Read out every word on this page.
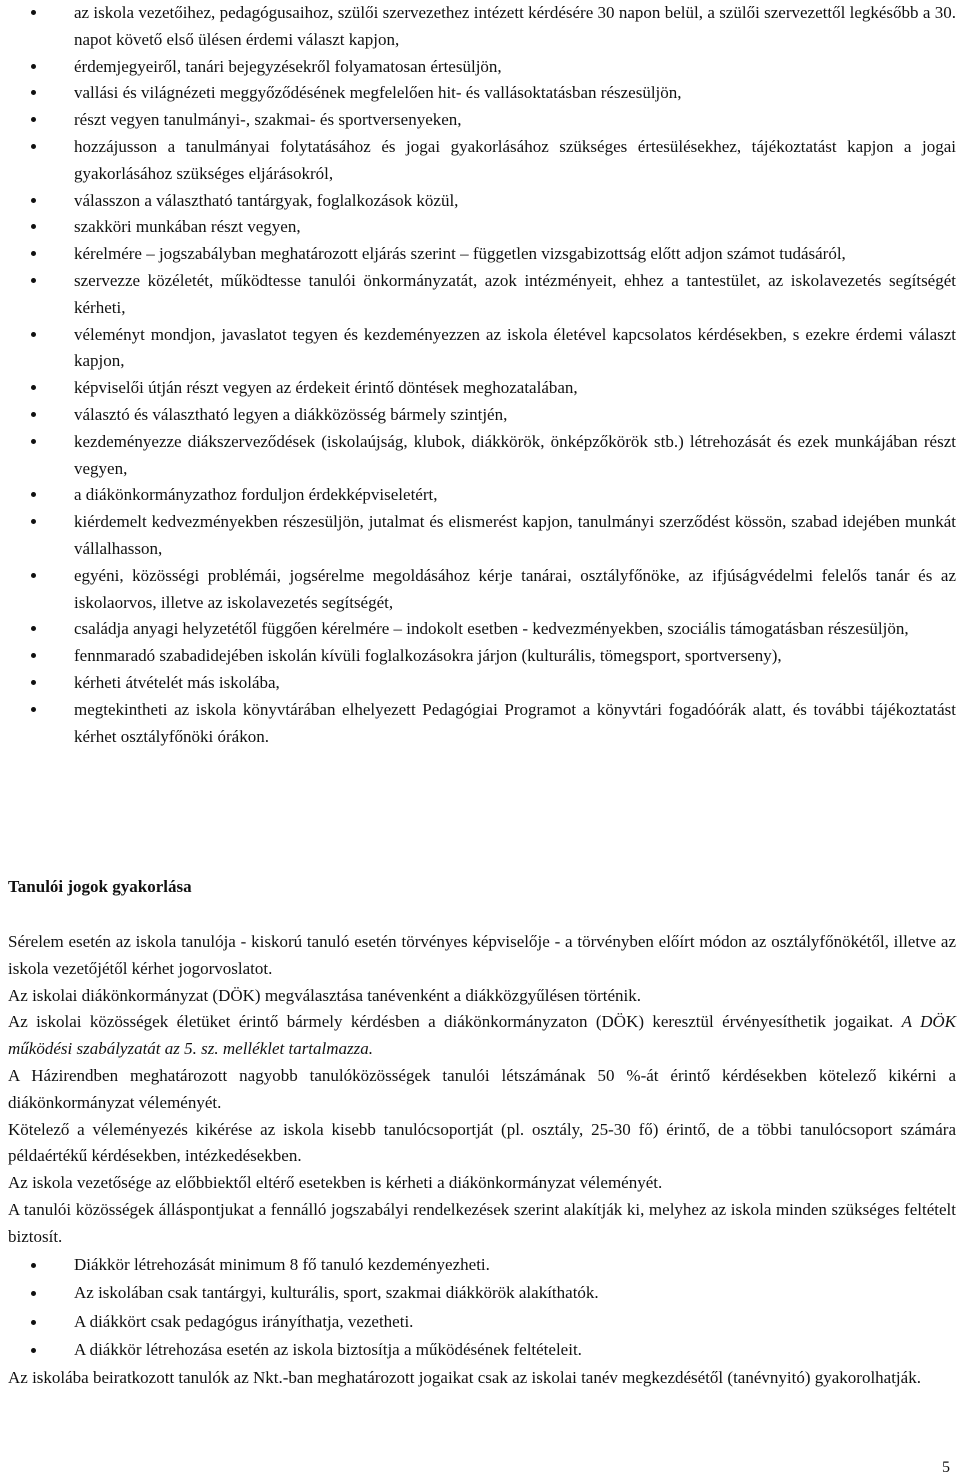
az iskola vezetőihez, pedagógusaihoz, szülői szervezethez intézett kérdésére 30 napon belül, a szülői szervezettől legkésőbb a 30. napot követő első ülésen érdemi választ kapjon,
érdemjegyeiről, tanári bejegyzésekről folyamatosan értesüljön,
vallási és világnézeti meggyőződésének megfelelően hit- és vallásoktatásban részesüljön,
részt vegyen tanulmányi-, szakmai- és sportversenyeken,
hozzájusson a tanulmányai folytatásához és jogai gyakorlásához szükséges értesülésekhez, tájékoztatást kapjon a jogai gyakorlásához szükséges eljárásokról,
válasszon a választható tantárgyak, foglalkozások közül,
szakköri munkában részt vegyen,
kérelmére – jogszabályban meghatározott eljárás szerint – független vizsgabizottság előtt adjon számot tudásáról,
szervezze közéletét, működtesse tanulói önkormányzatát, azok intézményeit, ehhez a tantestület, az iskolavezetés segítségét kérheti,
véleményt mondjon, javaslatot tegyen és kezdeményezzen az iskola életével kapcsolatos kérdésekben, s ezekre érdemi választ kapjon,
képviselői útján részt vegyen az érdekeit érintő döntések meghozatalában,
választó és választható legyen a diákközösség bármely szintjén,
kezdeményezze diákszerveződések (iskolaújság, klubok, diákkörök, önképzőkörök stb.) létrehozását és ezek munkájában részt vegyen,
a diákönkormányzathoz forduljon érdekképviseletért,
kiérdemelt kedvezményekben részesüljön, jutalmat és elismerést kapjon, tanulmányi szerződést kössön, szabad idejében munkát vállalhasson,
egyéni, közösségi problémái, jogsérelme megoldásához kérje tanárai, osztályfőnöke, az ifjúságvédelmi felelős tanár és az iskolaorvos, illetve az iskolavezetés segítségét,
családja anyagi helyzetétől függően kérelmére – indokolt esetben - kedvezményekben, szociális támogatásban részesüljön,
fennmaradó szabadidejében iskolán kívüli foglalkozásokra járjon (kulturális, tömegsport, sportverseny),
kérheti átvételét más iskolába,
megtekintheti az iskola könyvtárában elhelyezett Pedagógiai Programot a könyvtári fogadóórák alatt, és további tájékoztatást kérhet osztályfőnöki órákon.
Tanulói jogok gyakorlása

Sérelem esetén az iskola tanulója - kiskorú tanuló esetén törvényes képviselője - a törvényben előírt módon az osztályfőnökétől, illetve az iskola vezetőjétől kérhet jogorvoslatot.

Az iskolai diákönkormányzat (DÖK) megválasztása tanévenként a diákközgyűlésen történik.

Az iskolai közösségek életüket érintő bármely kérdésben a diákönkormányzaton (DÖK) keresztül érvényesíthetik jogaikat. A DÖK működési szabályzatát az 5. sz. melléklet tartalmazza.

A Házirendben meghatározott nagyobb tanulóközösségek tanulói létszámának 50 %-át érintő kérdésekben kötelező kikérni a diákönkormányzat véleményét.

Kötelező a véleményezés kikérése az iskola kisebb tanulócsoportját (pl. osztály, 25-30 fő) érintő, de a többi tanulócsoport számára példaértékű kérdésekben, intézkedésekben.

Az iskola vezetősége az előbbiektől eltérő esetekben is kérheti a diákönkormányzat véleményét.

A tanulói közösségek álláspontjukat a fennálló jogszabályi rendelkezések szerint alakítják ki, melyhez az iskola minden szükséges feltételt biztosít.

Diákkör létrehozását minimum 8 fő tanuló kezdeményezheti.
Az iskolában csak tantárgyi, kulturális, sport, szakmai diákkörök alakíthatók.
A diákkört csak pedagógus irányíthatja, vezetheti.
A diákkör létrehozása esetén az iskola biztosítja a működésének feltételeit.

Az iskolába beiratkozott tanulók az Nkt.-ban meghatározott jogaikat csak az iskolai tanév megkezdésétől (tanévnyitó) gyakorolhatják.

5
